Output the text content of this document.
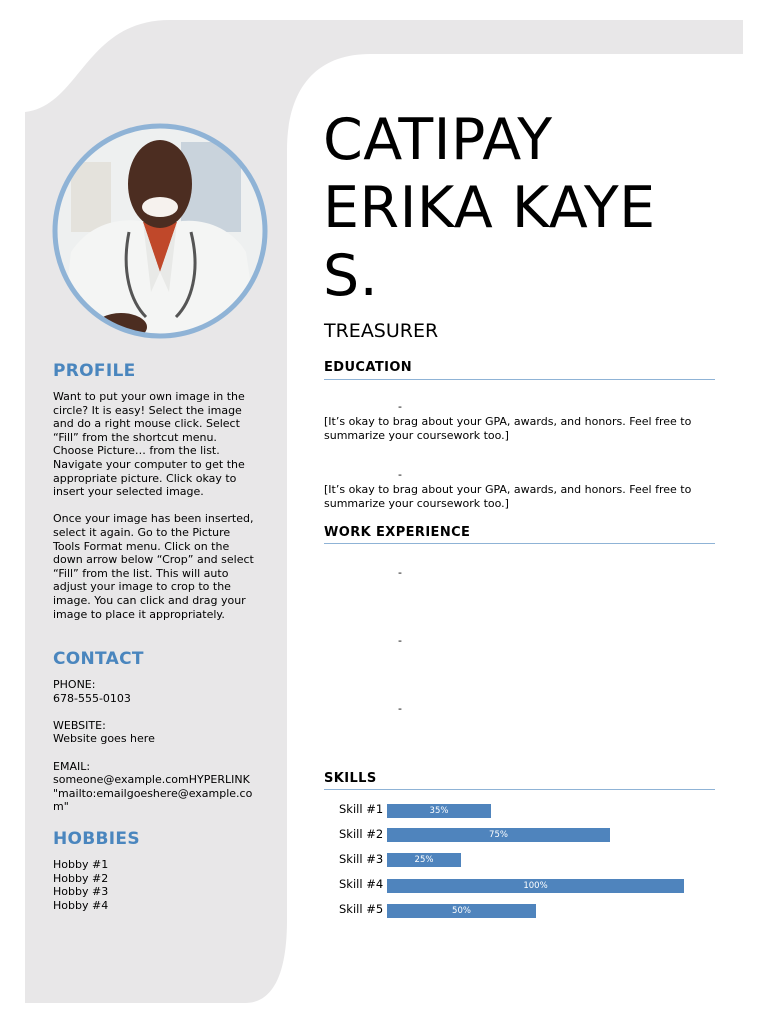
PROFILE

Want to put your own image in the
circle? It is easy! Select the image
and do a right mouse click. Select
“Fill” from the shortcut menu.
Choose Picture… from the list.
Navigate your computer to get the
appropriate picture. Click okay to
insert your selected image.

Once your image has been inserted,
select it again. Go to the Picture
Tools Format menu. Click on the
down arrow below “Crop” and select
“Fill” from the list. This will auto
adjust your image to crop to the
image. You can click and drag your
image to place it appropriately.

CONTACT

PHONE:

678-555-0103

WEBSITE:

Website goes here

EMAIL:

someone@example.comHYPERLINK
"mailto:emailgoeshere@example.co
m"

HOBBIES

Hobby #1

Hobby #2

Hobby #3

Hobby #4

CATIPAY
ERIKA KAYE
S.

TREASURER

EDUCATION

-

[It’s okay to brag about your GPA, awards, and honors. Feel free to summarize your coursework too.]

-

[It’s okay to brag about your GPA, awards, and honors. Feel free to summarize your coursework too.]

WORK EXPERIENCE

-

-

-

SKILLS

Skill #1	35%

Skill #2	75%

Skill #3	25%

Skill #4	100%

Skill #5	50%
